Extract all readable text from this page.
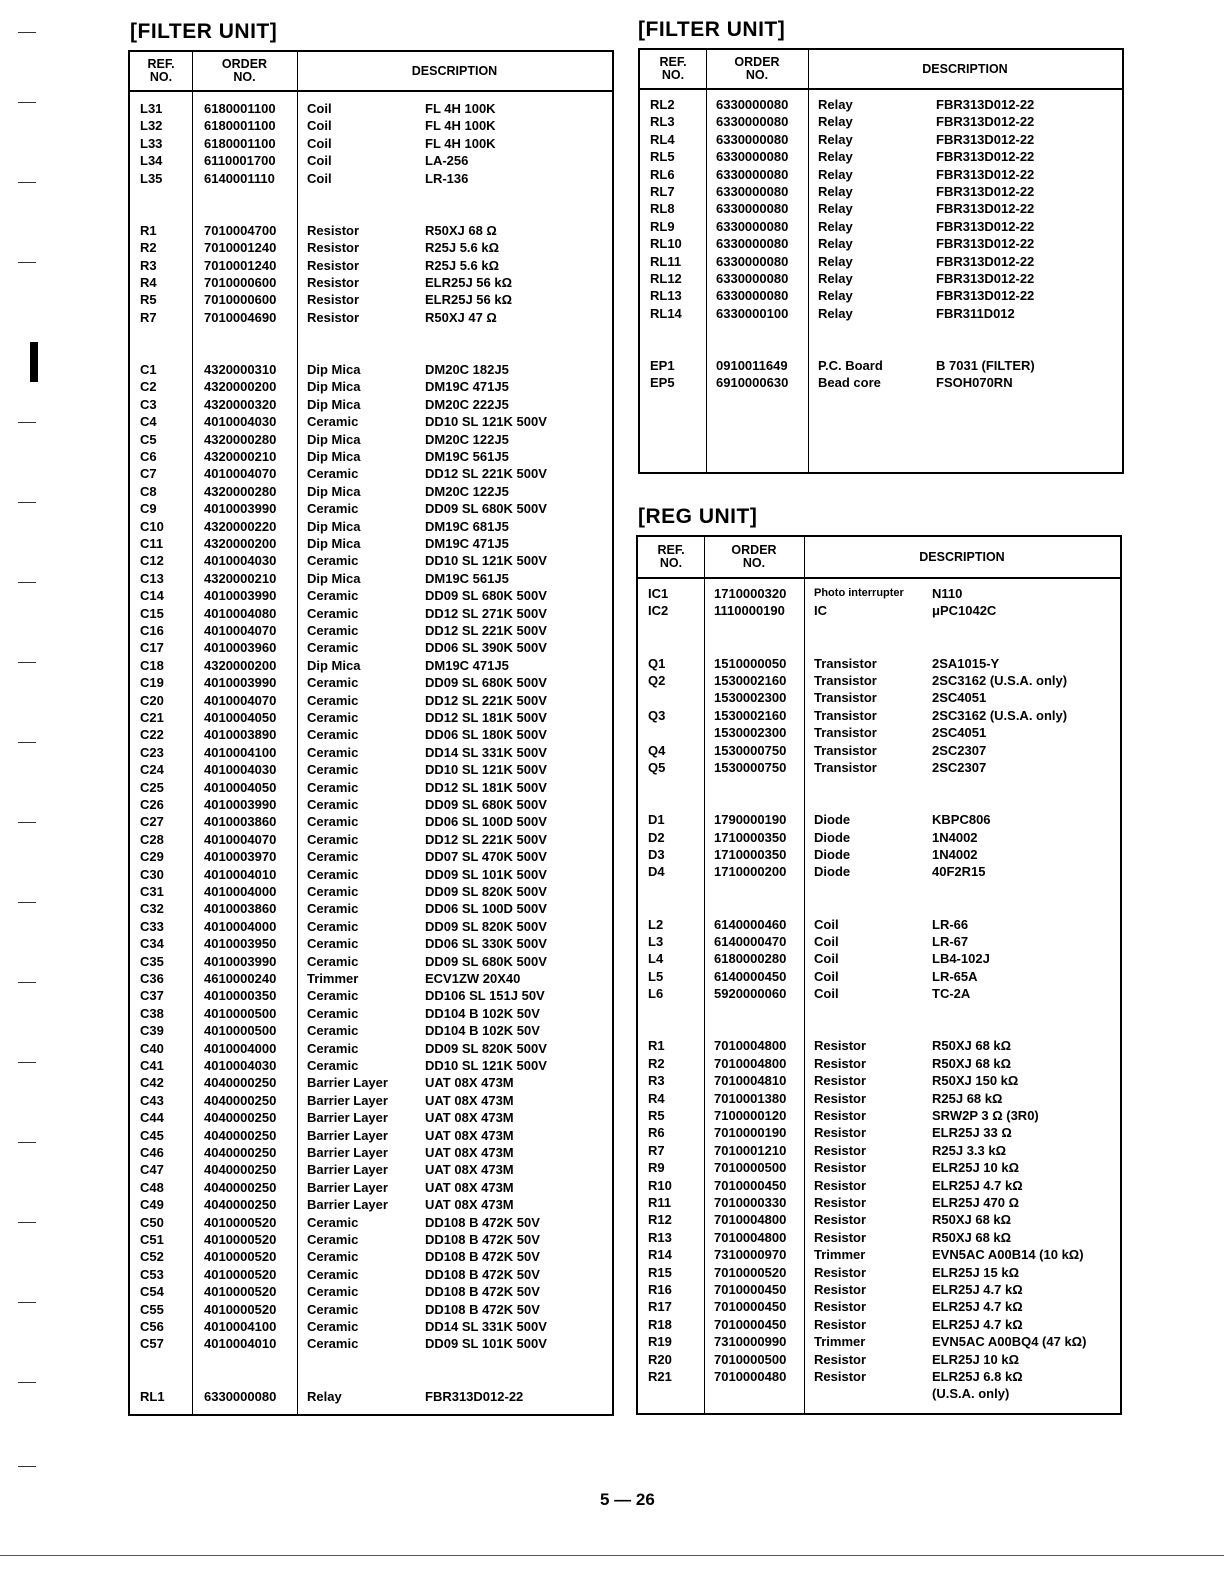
[FILTER UNIT]
REF.
NO.
ORDER
NO.	DESCRIPTION
L31	6180001100 Coil	FL 4H 100K
L32	6180001100 Coil	FL 4H 100K
L33	6180001100 Coil	FL 4H 100K
L34	6110001700 Coil	LA-256
L35	6140001110 Coil	LR-136
R1	7010004700 Resistor	R50XJ 68 Ω
R2	7010001240 Resistor	R25J 5.6 kΩ
R3	7010001240 Resistor	R25J 5.6 kΩ
R4	7010000600 Resistor	ELR25J 56 kΩ
R5	7010000600 Resistor	ELR25J 56 kΩ
R7	7010004690 Resistor	R50XJ 47 Ω
C1	4320000310 Dip Mica	DM20C 182J5
C2	4320000200 Dip Mica	DM19C 471J5
C3	4320000320 Dip Mica	DM20C 222J5
C4	4010004030 Ceramic	DD10 SL 121K 500V
C5	4320000280 Dip Mica	DM20C 122J5
C6	4320000210 Dip Mica	DM19C 561J5
C7	4010004070 Ceramic	DD12 SL 221K 500V
C8	4320000280 Dip Mica	DM20C 122J5
C9	4010003990 Ceramic	DD09 SL 680K 500V
C10	4320000220 Dip Mica	DM19C 681J5
C11	4320000200 Dip Mica	DM19C 471J5
C12	4010004030 Ceramic	DD10 SL 121K 500V
C13	4320000210 Dip Mica	DM19C 561J5
C14	4010003990 Ceramic	DD09 SL 680K 500V
C15	4010004080 Ceramic	DD12 SL 271K 500V
C16	4010004070 Ceramic	DD12 SL 221K 500V
C17	4010003960 Ceramic	DD06 SL 390K 500V
C18	4320000200 Dip Mica	DM19C 471J5
C19	4010003990 Ceramic	DD09 SL 680K 500V
C20	4010004070 Ceramic	DD12 SL 221K 500V
C21	4010004050 Ceramic	DD12 SL 181K 500V
C22	4010003890 Ceramic	DD06 SL 180K 500V
C23	4010004100 Ceramic	DD14 SL 331K 500V
C24	4010004030 Ceramic	DD10 SL 121K 500V
C25	4010004050 Ceramic	DD12 SL 181K 500V
C26	4010003990 Ceramic	DD09 SL 680K 500V
C27	4010003860 Ceramic	DD06 SL 100D 500V
C28	4010004070 Ceramic	DD12 SL 221K 500V
C29	4010003970 Ceramic	DD07 SL 470K 500V
C30	4010004010 Ceramic	DD09 SL 101K 500V
C31	4010004000 Ceramic	DD09 SL 820K 500V
C32	4010003860 Ceramic	DD06 SL 100D 500V
C33	4010004000 Ceramic	DD09 SL 820K 500V
C34	4010003950 Ceramic	DD06 SL 330K 500V
C35	4010003990 Ceramic	DD09 SL 680K 500V
C36	4610000240 Trimmer	ECV1ZW 20X40
C37	4010000350 Ceramic	DD106 SL 151J 50V
C38	4010000500 Ceramic	DD104 B 102K 50V
C39	4010000500 Ceramic	DD104 B 102K 50V
C40	4010004000 Ceramic	DD09 SL 820K 500V
C41	4010004030 Ceramic	DD10 SL 121K 500V
C42	4040000250 Barrier Layer	UAT 08X 473M
C43	4040000250 Barrier Layer	UAT 08X 473M
C44	4040000250 Barrier Layer	UAT 08X 473M
C45	4040000250 Barrier Layer	UAT 08X 473M
C46	4040000250 Barrier Layer	UAT 08X 473M
C47	4040000250 Barrier Layer	UAT 08X 473M
C48	4040000250 Barrier Layer	UAT 08X 473M
C49	4040000250 Barrier Layer	UAT 08X 473M
C50	4010000520 Ceramic	DD108 B 472K 50V
C51	4010000520 Ceramic	DD108 B 472K 50V
C52	4010000520 Ceramic	DD108 B 472K 50V
C53	4010000520 Ceramic	DD108 B 472K 50V
C54	4010000520 Ceramic	DD108 B 472K 50V
C55	4010000520 Ceramic	DD108 B 472K 50V
C56	4010004100 Ceramic	DD14 SL 331K 500V
C57	4010004010 Ceramic	DD09 SL 101K 500V
RL1	6330000080 Relay	FBR313D012-22
[FILTER UNIT]
REF.
NO.
ORDER
NO.	DESCRIPTION
RL2	6330000080 Relay	FBR313D012-22
RL3	6330000080 Relay	FBR313D012-22
RL4	6330000080 Relay	FBR313D012-22
RL5	6330000080 Relay	FBR313D012-22
RL6	6330000080 Relay	FBR313D012-22
RL7	6330000080 Relay	FBR313D012-22
RL8	6330000080 Relay	FBR313D012-22
RL9	6330000080 Relay	FBR313D012-22
RL10	6330000080 Relay	FBR313D012-22
RL11	6330000080 Relay	FBR313D012-22
RL12	6330000080 Relay	FBR313D012-22
RL13	6330000080 Relay	FBR313D012-22
RL14	6330000100 Relay	FBR311D012
EP1	0910011649 P.C. Board	B 7031 (FILTER)
EP5	6910000630 Bead core	FSOH070RN
[REG UNIT]
REF.
NO.
ORDER
NO.	DESCRIPTION
IC1	1710000320	Photo interrupter N110
IC2	1110000190 IC	μPC1042C
Q1	1510000050 Transistor	2SA1015-Y
Q2	1530002160 Transistor	2SC3162 (U.S.A. only)
1530002300 Transistor	2SC4051
Q3	1530002160 Transistor	2SC3162 (U.S.A. only)
1530002300 Transistor	2SC4051
Q4	1530000750 Transistor	2SC2307
Q5	1530000750 Transistor	2SC2307
D1	1790000190 Diode	KBPC806
D2	1710000350 Diode	1N4002
D3	1710000350 Diode	1N4002
D4	1710000200 Diode	40F2R15
L2	6140000460 Coil	LR-66
L3	6140000470 Coil	LR-67
L4	6180000280 Coil	LB4-102J
L5	6140000450 Coil	LR-65A
L6	5920000060 Coil	TC-2A
R1	7010004800 Resistor	R50XJ 68 kΩ
R2	7010004800 Resistor	R50XJ 68 kΩ
R3	7010004810 Resistor	R50XJ 150 kΩ
R4	7010001380 Resistor	R25J 68 kΩ
R5	7100000120 Resistor	SRW2P 3 Ω (3R0)
R6	7010000190 Resistor	ELR25J 33 Ω
R7	7010001210 Resistor	R25J 3.3 kΩ
R9	7010000500 Resistor	ELR25J 10 kΩ
R10	7010000450 Resistor	ELR25J 4.7 kΩ
R11	7010000330 Resistor	ELR25J 470 Ω
R12	7010004800 Resistor	R50XJ 68 kΩ
R13	7010004800 Resistor	R50XJ 68 kΩ
R14	7310000970 Trimmer	EVN5AC A00B14 (10 kΩ)
R15	7010000520 Resistor	ELR25J 15 kΩ
R16	7010000450 Resistor	ELR25J 4.7 kΩ
R17	7010000450 Resistor	ELR25J 4.7 kΩ
R18	7010000450 Resistor	ELR25J 4.7 kΩ
R19	7310000990 Trimmer	EVN5AC A00BQ4 (47 kΩ)
R20	7010000500 Resistor	ELR25J 10 kΩ
R21	7010000480 Resistor	ELR25J 6.8 kΩ
(U.S.A. only)
5 — 26
